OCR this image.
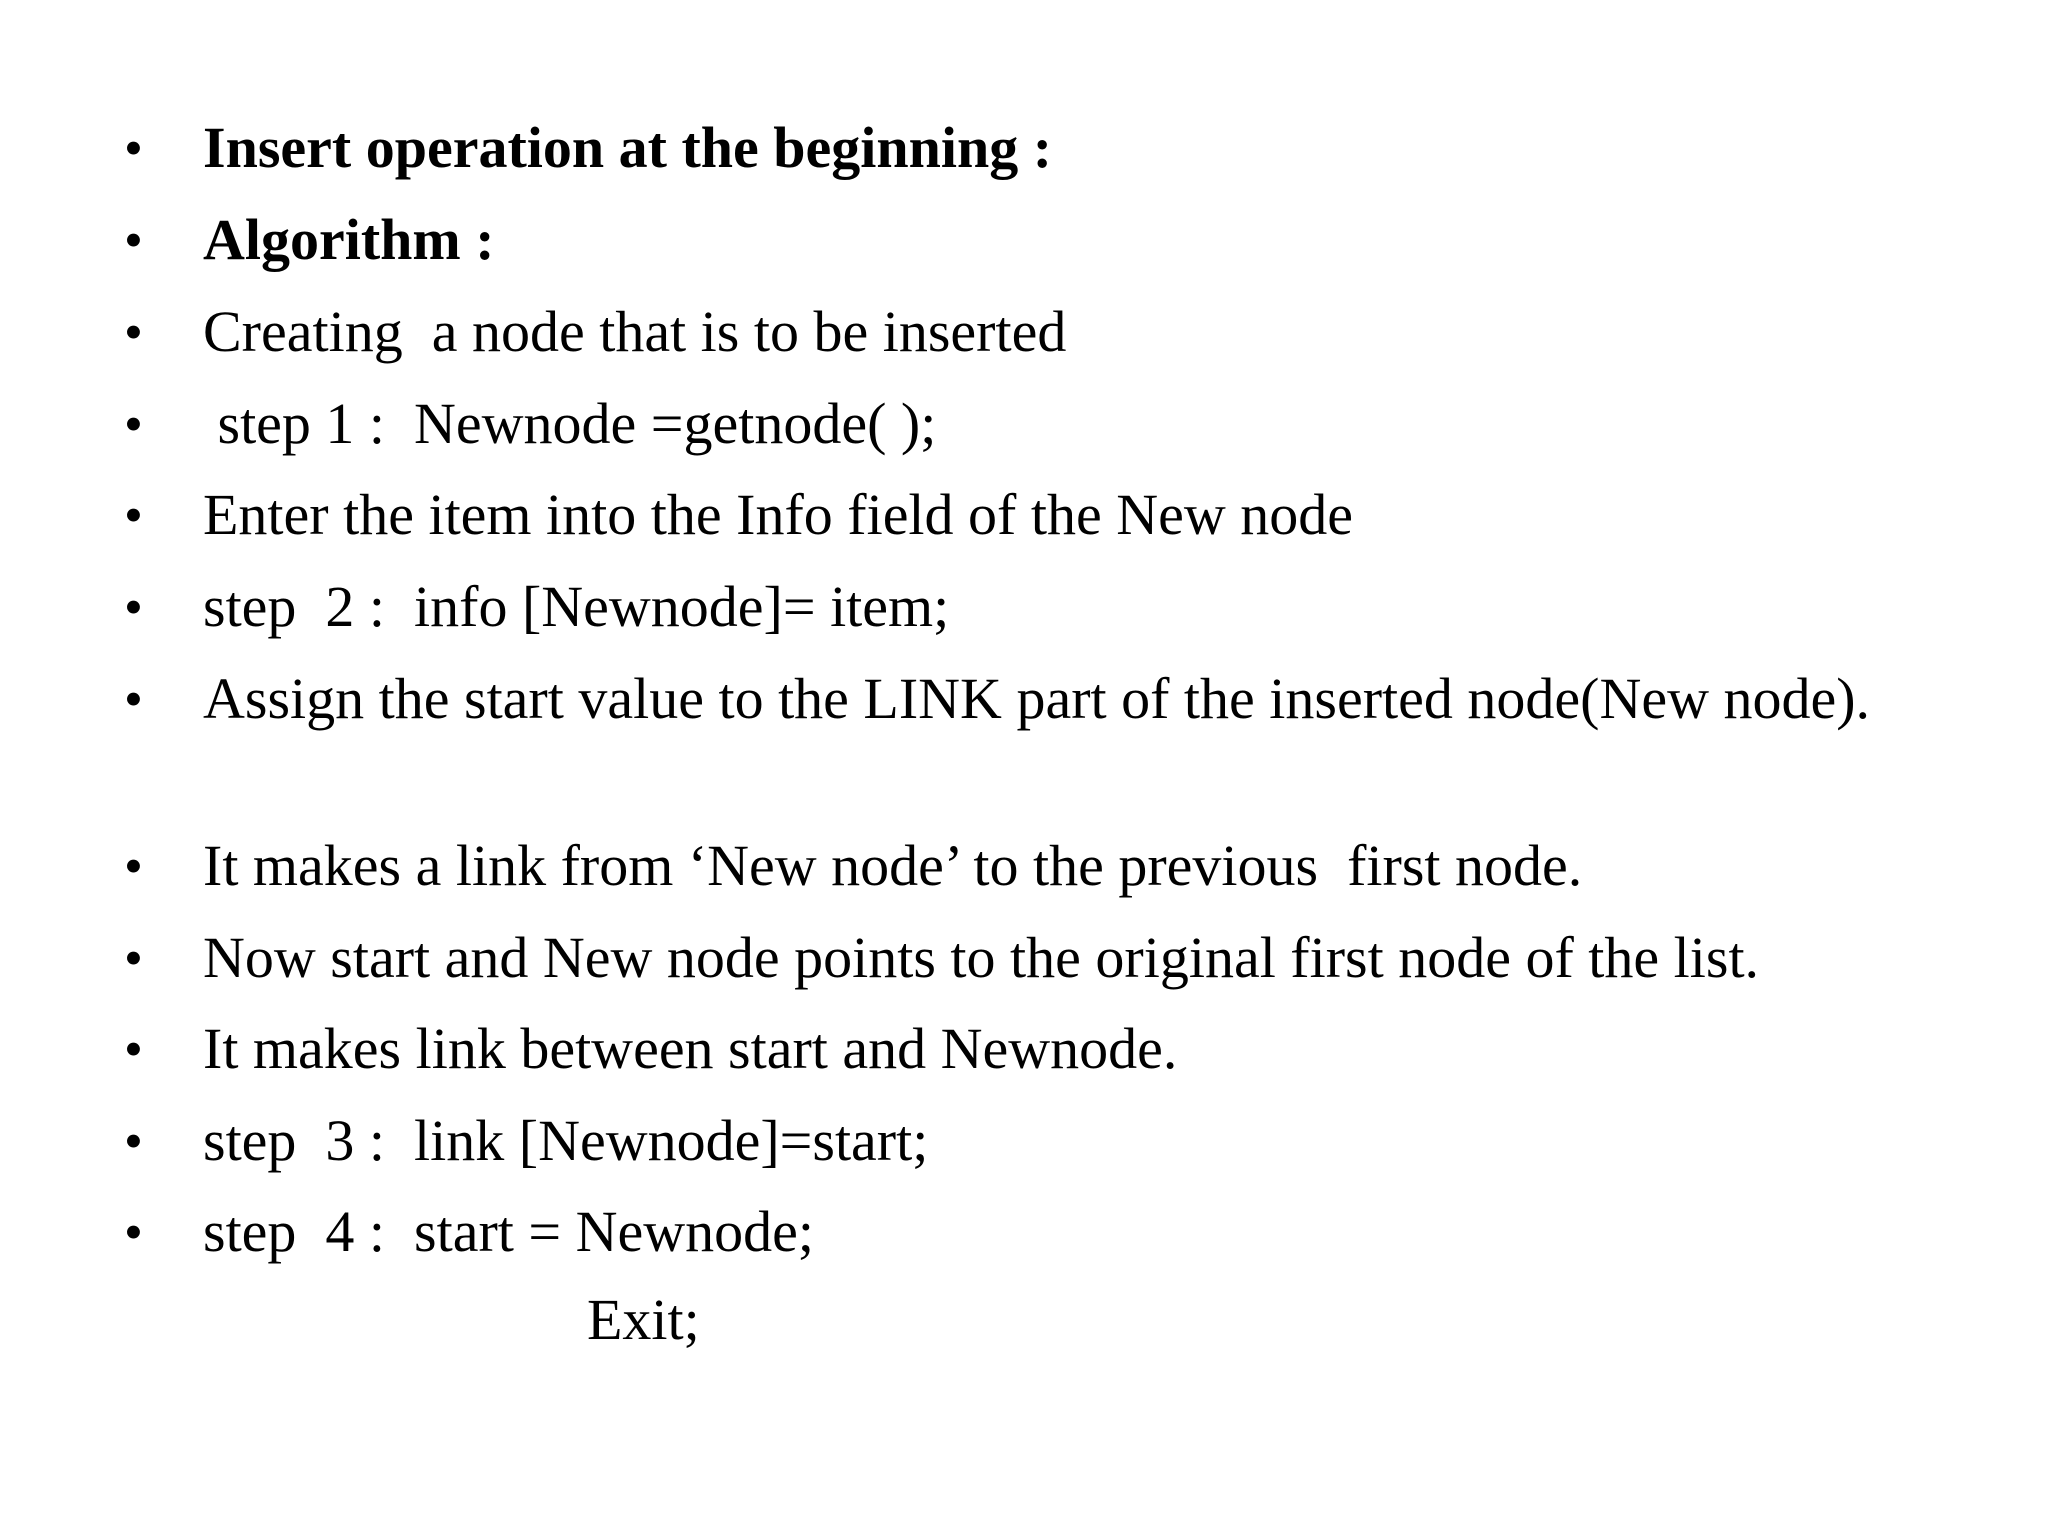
• Insert operation at the beginning :
• Algorithm :
• Creating  a node that is to be inserted
• step 1 :  Newnode =getnode( );
• Enter the item into the Info field of the New node
• step  2 :  info [Newnode]= item;
• Assign the start value to the LINK part of the inserted node(New node).
• It makes a link from ‘New node’ to the previous  first node.
• Now start and New node points to the original first node of the list.
• It makes link between start and Newnode.
• step  3 :  link [Newnode]=start;
• step  4 :  start = Newnode;
Exit;
